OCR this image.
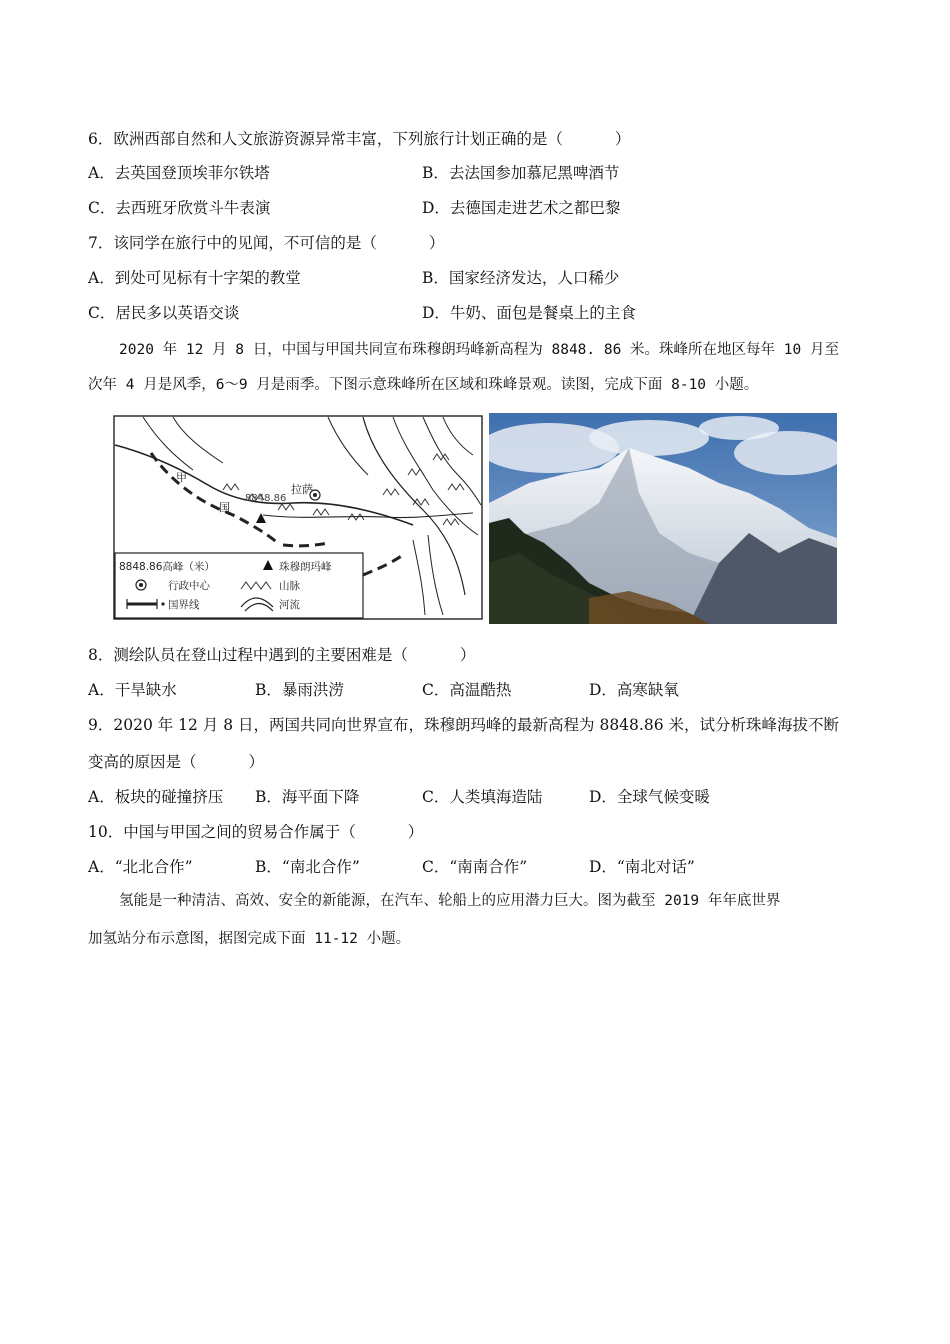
6．欧洲西部自然和人文旅游资源异常丰富，下列旅行计划正确的是（	）
A．去英国登顶埃菲尔铁塔	B．去法国参加慕尼黑啤酒节
C．去西班牙欣赏斗牛表演	D．去德国走进艺术之都巴黎
7．该同学在旅行中的见闻，不可信的是（	）
A．到处可见标有十字架的教堂	B．国家经济发达，人口稀少
C．居民多以英语交谈	D．牛奶、面包是餐桌上的主食
2020 年 12 月 8 日，中国与甲国共同宣布珠穆朗玛峰新高程为 8848. 86 米。珠峰所在地区每年 10 月至
次年 4 月是风季，6～9 月是雨季。下图示意珠峰所在区域和珠峰景观。读图，完成下面 8-10 小题。
甲
国
拉萨
8848.86
8848.86高峰（米）	珠穆朗玛峰
行政中心	山脉
国界线	河流
8．测绘队员在登山过程中遇到的主要困难是（	）
A．干旱缺水	B．暴雨洪涝	C．高温酷热	D．高寒缺氧
9．2020 年 12 月 8 日，两国共同向世界宣布，珠穆朗玛峰的最新高程为 8848.86 米，试分析珠峰海拔不断
变高的原因是（	）
A．板块的碰撞挤压 B．海平面下降	C．人类填海造陆	D．全球气候变暖
10．中国与甲国之间的贸易合作属于（	）
A．“北北合作”	B．“南北合作”	C．“南南合作”	D．“南北对话”
氢能是一种清洁、高效、安全的新能源，在汽车、轮船上的应用潜力巨大。图为截至 2019 年年底世界
加氢站分布示意图，据图完成下面 11-12 小题。
